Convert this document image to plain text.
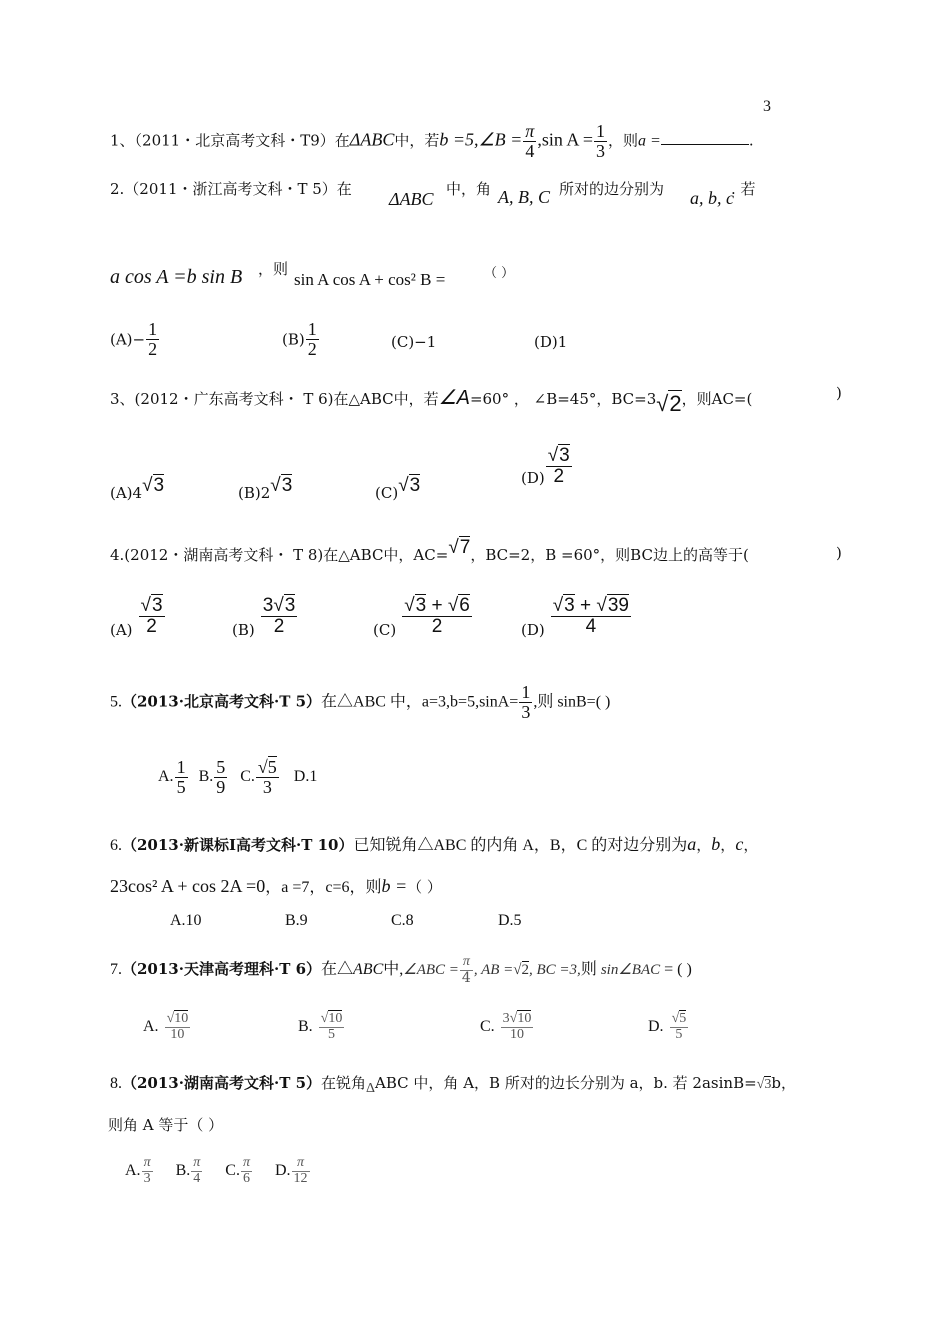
3
1、（2011・北京高考文科・T9）在ΔABC中，若b =5,∠B = $\frac{\pi}{4} ,\sin$ $A = \frac{1}{3}$ ，则a =	.
2.（2011・浙江高考文科・T 5）在 ΔABC 中，角 A, B, C 所对的边分别为 a, b, c
. 若
a cos A =b sin B ，则
sin A cos A + cos² B =	（ ）
$(A)- \frac{1}{2}$	$(B) \frac{1}{2}$	(C)−1	(D)1
3、(2012・广东高考文科・ T 6)在△ABC中，若∠A=60° ， ∠B=45°，BC=3√2，则AC=(	)
(A)4√3	(B)2√3	(C)√3	$(D) \frac{√3}{2}$
4.(2012・湖南高考文科・ T 8)在△ABC中，AC=√7，BC=2，B =60°，则BC边上的高等于(	)
$(A) \frac{√3}{2}$	$(B) \frac{3√3}{2}$	$(C) \frac{√3 + √6}{2}$	$(D) \frac{√3 + √39}{4}$
5.（2013·北京高考文科·T 5）在△ABC 中，$a=3,b=5,\sin A= \frac{1}{3}$ ,则 sinB=( )
A. $\frac{1}{5} B$. $\frac{5}{9} C$. $\frac{√5}{3} D.1$
6.（2013·新课标Ⅰ高考文科·T 10）已知锐角△ABC 的内角 A，B，C 的对边分别为a，b，c，
23cos² A + cos 2A =0，a =7，c=6，则b =（ ）
A.10	B.9	C.8	D.5
7.（2013·天津高考理科·T 6）在△ABC中,∠ABC = $\frac{\pi}{4}$ , AB =√2, BC =3,则 sin∠BAC = ( )
A. $\frac{√10}{10}$	B. $\frac{√10}{5}$	C. $\frac{3√10}{10}$	D. $\frac{√5}{5}$
8.（2013·湖南高考文科·T 5）在锐角ΔABC 中，角 A，B 所对的边长分别为 a，b. 若 2asinB=√3b，
则角 A 等于（ ）
A. $\frac{\pi}{3} B$. $\frac{\pi}{4} C$. $\frac{\pi}{6} D$. $\frac{\pi}{12}$
